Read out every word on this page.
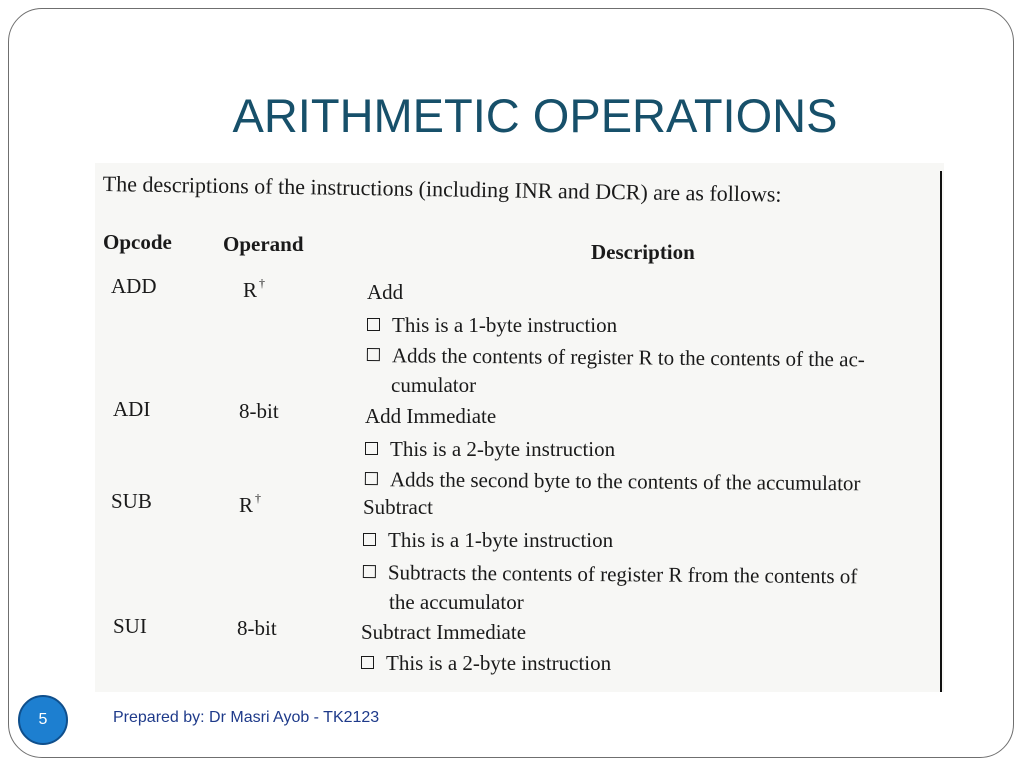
ARITHMETIC OPERATIONS
The descriptions of the instructions (including INR and DCR) are as follows:
Opcode Operand	Description
ADD	R †	Add
This is a 1-byte instruction
Adds the contents of register R to the contents of the ac-
cumulator
ADI	8-bit	Add Immediate
This is a 2-byte instruction
Adds the second byte to the contents of the accumulator
SUB	R †	Subtract
This is a 1-byte instruction
Subtracts the contents of register R from the contents of
the accumulator
SUI	8-bit	Subtract Immediate
This is a 2-byte instruction
5	Prepared by: Dr Masri Ayob - TK2123
